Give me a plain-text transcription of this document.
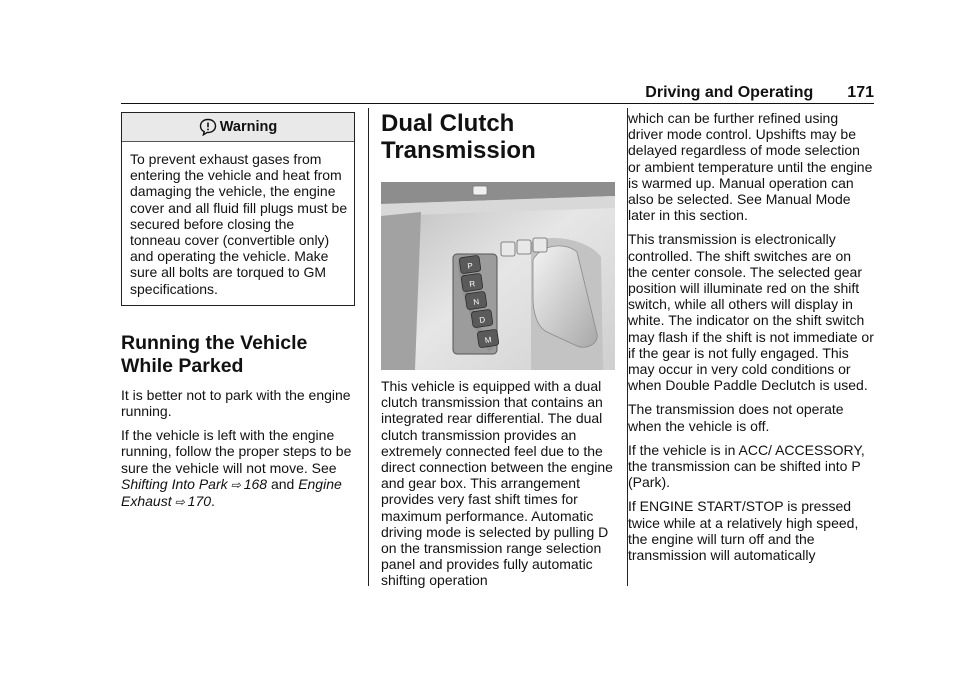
Driving and Operating 171
Warning
To prevent exhaust gases from entering the vehicle and heat from damaging the vehicle, the engine cover and all fluid fill plugs must be secured before closing the tonneau cover (convertible only) and operating the vehicle. Make sure all bolts are torqued to GM specifications.
Running the Vehicle
While Parked

It is better not to park with the engine running.

If the vehicle is left with the engine running, follow the proper steps to be sure the vehicle will not move. See Shifting Into Park ⇨ 168 and Engine Exhaust ⇨ 170.

Dual Clutch
Transmission
P
R
N
D
M

This vehicle is equipped with a dual clutch transmission that contains an integrated rear differential. The dual clutch transmission provides an extremely connected feel due to the direct connection between the engine and gear box. This arrangement provides very fast shift times for maximum performance. Automatic driving mode is selected by pulling D on the transmission range selection panel and provides fully automatic shifting operation

which can be further refined using driver mode control. Upshifts may be delayed regardless of mode selection or ambient temperature until the engine is warmed up. Manual operation can also be selected. See Manual Mode later in this section.

This transmission is electronically controlled. The shift switches are on the center console. The selected gear position will illuminate red on the shift switch, while all others will display in white. The indicator on the shift switch may flash if the shift is not immediate or if the gear is not fully engaged. This may occur in very cold conditions or when Double Paddle Declutch is used.

The transmission does not operate when the vehicle is off.

If the vehicle is in ACC/ ACCESSORY, the transmission can be shifted into P (Park).

If ENGINE START/STOP is pressed twice while at a relatively high speed, the engine will turn off and the transmission will automatically
